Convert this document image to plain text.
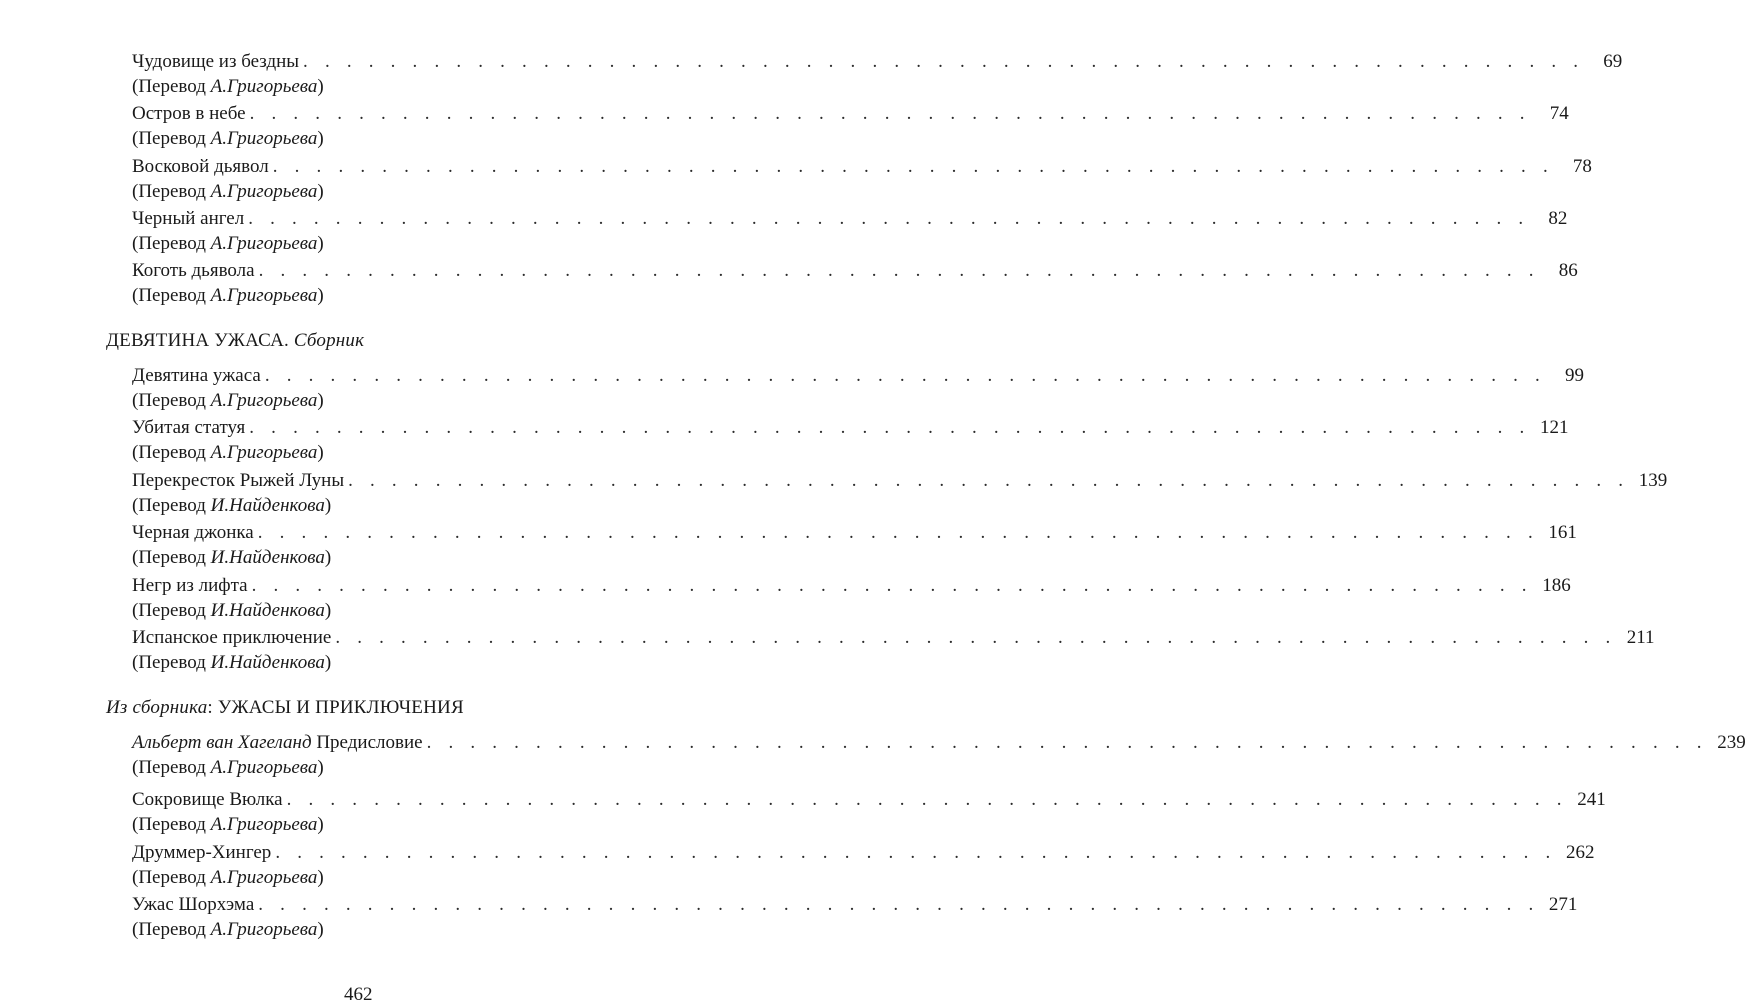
Чудовище из бездны . . . . . . . . . . . . . . . . . . . . . . . . . . . . . . . . . . . . . . . . . . . . . . . . . . . . . . . . . . .	69
(Перевод А.Григорьева)
Остров в небе . . . . . . . . . . . . . . . . . . . . . . . . . . . . . . . . . . . . . . . . . . . . . . . . . . . . . . . . . . .	74
(Перевод А.Григорьева)
Восковой дьявол . . . . . . . . . . . . . . . . . . . . . . . . . . . . . . . . . . . . . . . . . . . . . . . . . . . . . . . . . . .	78
(Перевод А.Григорьева)
Черный ангел . . . . . . . . . . . . . . . . . . . . . . . . . . . . . . . . . . . . . . . . . . . . . . . . . . . . . . . . . . .	82
(Перевод А.Григорьева)
Коготь дьявола . . . . . . . . . . . . . . . . . . . . . . . . . . . . . . . . . . . . . . . . . . . . . . . . . . . . . . . . . . .	86
(Перевод А.Григорьева)
ДЕВЯТИНА УЖАСА. Сборник
Девятина ужаса . . . . . . . . . . . . . . . . . . . . . . . . . . . . . . . . . . . . . . . . . . . . . . . . . . . . . . . . . . .	99
(Перевод А.Григорьева)
Убитая статуя . . . . . . . . . . . . . . . . . . . . . . . . . . . . . . . . . . . . . . . . . . . . . . . . . . . . . . . . . . . 121
(Перевод А.Григорьева)
Перекресток Рыжей Луны . . . . . . . . . . . . . . . . . . . . . . . . . . . . . . . . . . . . . . . . . . . . . . . . . . . . . . . . . . . 139
(Перевод И.Найденкова)
Черная джонка . . . . . . . . . . . . . . . . . . . . . . . . . . . . . . . . . . . . . . . . . . . . . . . . . . . . . . . . . . . 161
(Перевод И.Найденкова)
Негр из лифта . . . . . . . . . . . . . . . . . . . . . . . . . . . . . . . . . . . . . . . . . . . . . . . . . . . . . . . . . . . 186
(Перевод И.Найденкова)
Испанское приключение . . . . . . . . . . . . . . . . . . . . . . . . . . . . . . . . . . . . . . . . . . . . . . . . . . . . . . . . . . . 211
(Перевод И.Найденкова)
Из сборника: УЖАСЫ И ПРИКЛЮЧЕНИЯ
Альберт ван Хагеланд Предисловие . . . . . . . . . . . . . . . . . . . . . . . . . . . . . . . . . . . . . . . . . . . . . . . . . . . . . . . . . . . 239
(Перевод А.Григорьева)
Сокровище Вюлка . . . . . . . . . . . . . . . . . . . . . . . . . . . . . . . . . . . . . . . . . . . . . . . . . . . . . . . . . . . 241
(Перевод А.Григорьева)
Друммер-Хингер . . . . . . . . . . . . . . . . . . . . . . . . . . . . . . . . . . . . . . . . . . . . . . . . . . . . . . . . . . . 262
(Перевод А.Григорьева)
Ужас Шорхэма . . . . . . . . . . . . . . . . . . . . . . . . . . . . . . . . . . . . . . . . . . . . . . . . . . . . . . . . . . . 271
(Перевод А.Григорьева)
462
